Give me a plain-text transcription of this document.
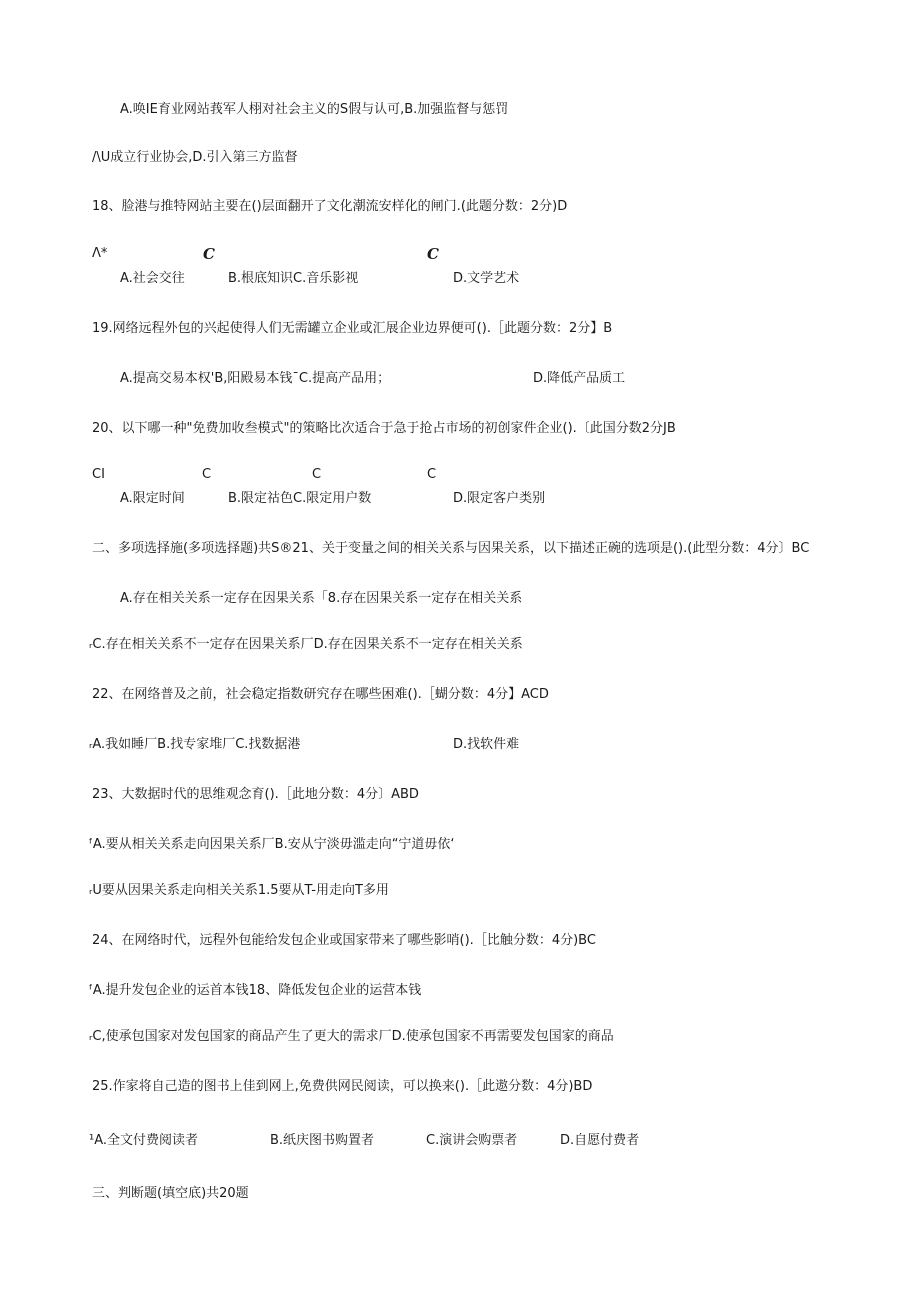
A.唤IE育业网站莪军人栩对社会主义的S假与认可,B.加强监督与惩罚
/\U成立行业协会,D.引入第三方监督
18、脸港与推特网站主要在()层面翻开了文化潮流安样化的闸门.(此题分数：2分)D
Λ*	C	C
A.社会交往	B.根底知识C.音乐影视	D.文学艺术
19.网络远程外包的兴起使得人们无需罐立企业或汇展企业边界便可().［此题分数：2分】B
A.提高交易本权'B,阳殿易本钱¯C.提高产品用；	D.降低产品质工
20、以下哪一种"免费加收叁模式"的策略比次适合于急于抢占市场的初创家件企业().〔此国分数2分JB
CI	C	C	C
A.限定时间	B.限定祜色C.限定用户数	D.限定客户类别
二、多项选择施(多项选择题)共S®21、关于变量之间的相关关系与因果关系，以下描述正碗的选项是().(此型分数：4分〕BC
A.存在相关关系一定存在因果关系「8.存在因果关系一定存在相关关系
ᵣC.存在相关关系不一定存在因果关系厂D.存在因果关系不一定存在相关关系
22、在网络普及之前，社会稳定指数研究存在哪些困难().［蝴分数：4分】ACD
ᵣA.我如睡厂B.找专家堆厂C.找数据港	D.找软件难
23、大数据时代的思维观念育().［此地分数：4分〕ABD
ᶠA.要从相关关系走向因果关系厂B.安从宁淡毋滥走向“宁道毋依‘
ᵣU要从因果关系走向相关关系1.5要从T-用走向T多用
24、在网络时代，远程外包能给发包企业或国家带来了哪些影哨().［比触分数：4分)BC
ᶠA.提升发包企业的运首本钱18、降低发包企业的运营本钱
ᵣC,使承包国家对发包国家的商品产生了更大的需求厂D.使承包国家不再需要发包国家的商品
25.作家将自己造的图书上佳到网上,免费供网民阅读，可以换来().［此遨分数：4分)BD
¹A.全文付费阅读者	B.纸庆图书购置者	C.演讲会购票者	D.自愿付费者
三、判断题(填空底)共20题
